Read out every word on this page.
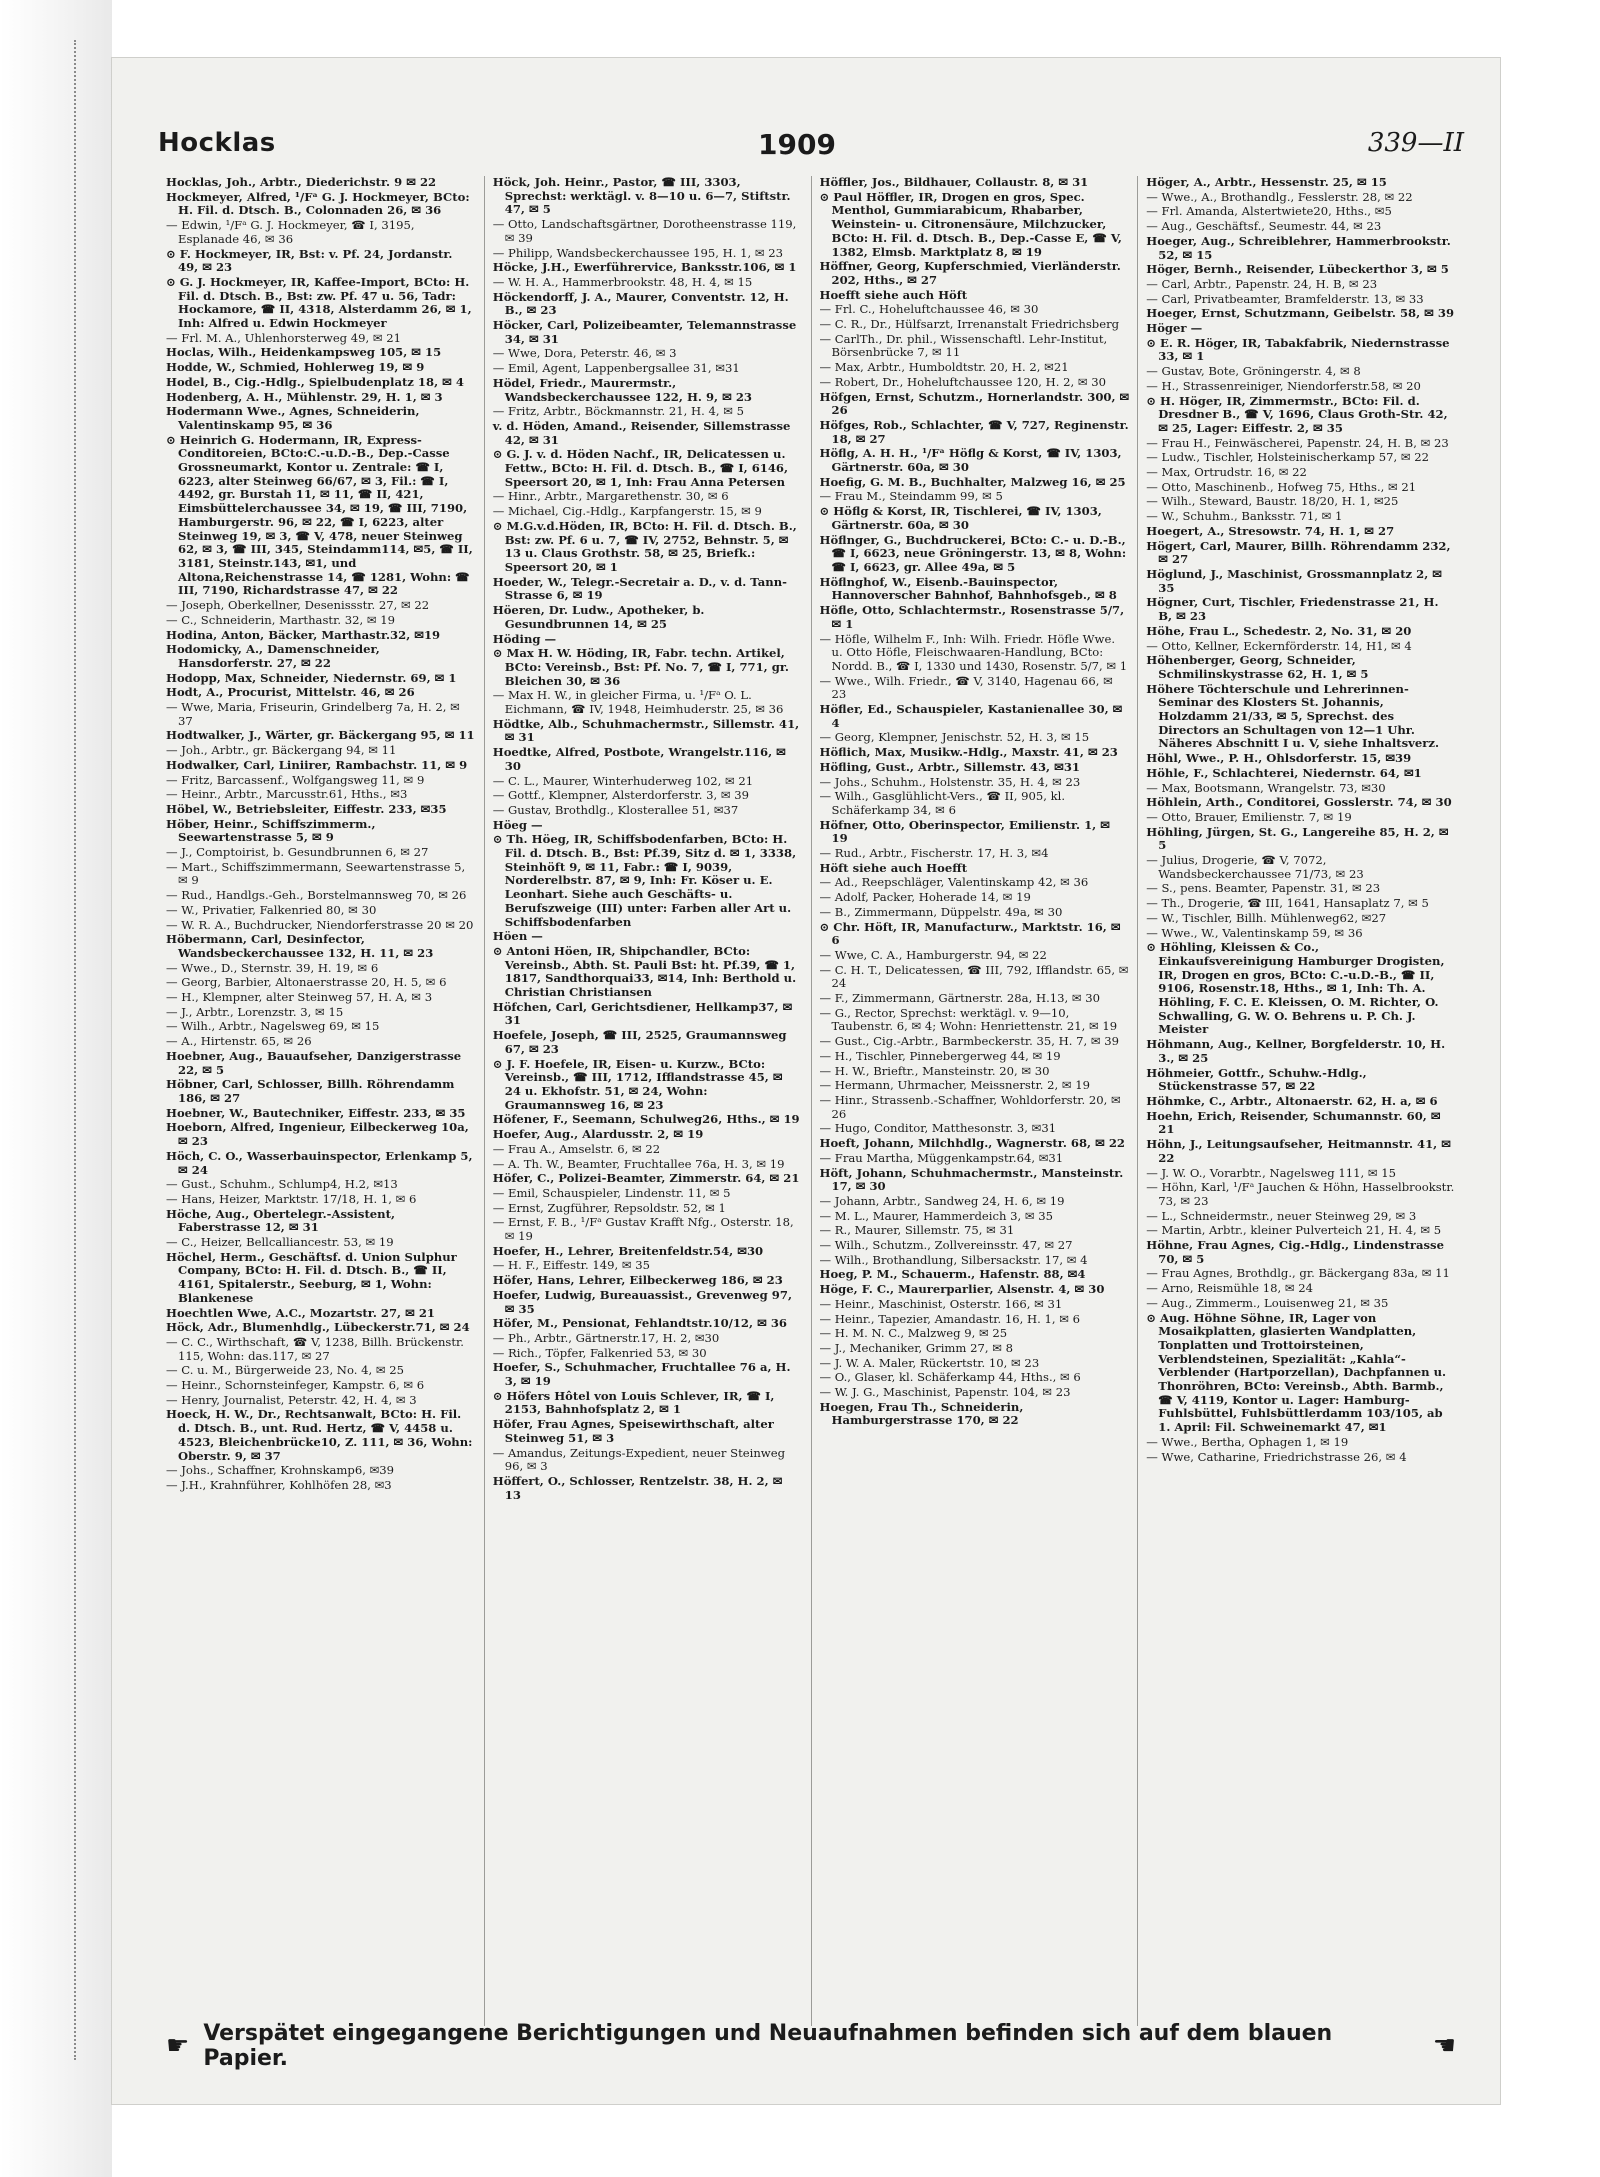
Hocklas	1909	339—II
Hocklas, Joh., Arbtr., Diederichstr. 9 ✉ 22
Hockmeyer, Alfred, ¹/Fᵃ G. J. Hockmeyer, BCto: H. Fil. d. Dtsch. B., Colonnaden 26, ✉ 36
— Edwin, ¹/Fᵃ G. J. Hockmeyer, ☎ I, 3195, Esplanade 46, ✉ 36
⊙ F. Hockmeyer, IR, Bst: v. Pf. 24, Jordanstr. 49, ✉ 23
⊙ G. J. Hockmeyer, IR, Kaffee-Import, BCto: H. Fil. d. Dtsch. B., Bst: zw. Pf. 47 u. 56, Tadr: Hockamore, ☎ II, 4318, Alsterdamm 26, ✉ 1, Inh: Alfred u. Edwin Hockmeyer
— Frl. M. A., Uhlenhorsterweg 49, ✉ 21
Hoclas, Wilh., Heidenkampsweg 105, ✉ 15
Hodde, W., Schmied, Hohlerweg 19, ✉ 9
Hodel, B., Cig.-Hdlg., Spielbudenplatz 18, ✉ 4
Hodenberg, A. H., Mühlenstr. 29, H. 1, ✉ 3
Hodermann Wwe., Agnes, Schneiderin, Valentinskamp 95, ✉ 36
⊙ Heinrich G. Hodermann, IR, Express-Conditoreien, BCto:C.-u.D.-B., Dep.-Casse Grossneumarkt, Kontor u. Zentrale: ☎ I, 6223, alter Steinweg 66/67, ✉ 3, Fil.: ☎ I, 4492, gr. Burstah 11, ✉ 11, ☎ II, 421, Eimsbüttelerchaussee 34, ✉ 19, ☎ III, 7190, Hamburgerstr. 96, ✉ 22, ☎ I, 6223, alter Steinweg 19, ✉ 3, ☎ V, 478, neuer Steinweg 62, ✉ 3, ☎ III, 345, Steindamm114, ✉5, ☎ II, 3181, Steinstr.143, ✉1, und Altona,Reichenstrasse 14, ☎ 1281, Wohn: ☎ III, 7190, Richardstrasse 47, ✉ 22
— Joseph, Oberkellner, Desenissstr. 27, ✉ 22
— C., Schneiderin, Marthastr. 32, ✉ 19
Hodina, Anton, Bäcker, Marthastr.32, ✉19
Hodomicky, A., Damenschneider, Hansdorferstr. 27, ✉ 22
Hodopp, Max, Schneider, Niedernstr. 69, ✉ 1
Hodt, A., Procurist, Mittelstr. 46, ✉ 26
— Wwe, Maria, Friseurin, Grindelberg 7a, H. 2, ✉ 37
Hodtwalker, J., Wärter, gr. Bäckergang 95, ✉ 11
— Joh., Arbtr., gr. Bäckergang 94, ✉ 11
Hodwalker, Carl, Liniirer, Rambachstr. 11, ✉ 9
— Fritz, Barcassenf., Wolfgangsweg 11, ✉ 9
— Heinr., Arbtr., Marcusstr.61, Hths., ✉3
Höbel, W., Betriebsleiter, Eiffestr. 233, ✉35
Höber, Heinr., Schiffszimmerm., Seewartenstrasse 5, ✉ 9
— J., Comptoirist, b. Gesundbrunnen 6, ✉ 27
— Mart., Schiffszimmermann, Seewartenstrasse 5, ✉ 9
— Rud., Handlgs.-Geh., Borstelmannsweg 70, ✉ 26
— W., Privatier, Falkenried 80, ✉ 30
— W. R. A., Buchdrucker, Niendorferstrasse 20 ✉ 20
Höbermann, Carl, Desinfector, Wandsbeckerchaussee 132, H. 11, ✉ 23
— Wwe., D., Sternstr. 39, H. 19, ✉ 6
— Georg, Barbier, Altonaerstrasse 20, H. 5, ✉ 6
— H., Klempner, alter Steinweg 57, H. A, ✉ 3
— J., Arbtr., Lorenzstr. 3, ✉ 15
— Wilh., Arbtr., Nagelsweg 69, ✉ 15
— A., Hirtenstr. 65, ✉ 26
Hoebner, Aug., Bauaufseher, Danzigerstrasse 22, ✉ 5
Höbner, Carl, Schlosser, Billh. Röhrendamm 186, ✉ 27
Hoebner, W., Bautechniker, Eiffestr. 233, ✉ 35
Hoeborn, Alfred, Ingenieur, Eilbeckerweg 10a, ✉ 23
Höch, C. O., Wasserbauinspector, Erlenkamp 5, ✉ 24
— Gust., Schuhm., Schlump4, H.2, ✉13
— Hans, Heizer, Marktstr. 17/18, H. 1, ✉ 6
Höche, Aug., Obertelegr.-Assistent, Faberstrasse 12, ✉ 31
— C., Heizer, Bellcalliancestr. 53, ✉ 19
Höchel, Herm., Geschäftsf. d. Union Sulphur Company, BCto: H. Fil. d. Dtsch. B., ☎ II, 4161, Spitalerstr., Seeburg, ✉ 1, Wohn: Blankenese
Hoechtlen Wwe, A.C., Mozartstr. 27, ✉ 21
Höck, Adr., Blumenhdlg., Lübeckerstr.71, ✉ 24
— C. C., Wirthschaft, ☎ V, 1238, Billh. Brückenstr. 115, Wohn: das.117, ✉ 27
— C. u. M., Bürgerweide 23, No. 4, ✉ 25
— Heinr., Schornsteinfeger, Kampstr. 6, ✉ 6
— Henry, Journalist, Peterstr. 42, H. 4, ✉ 3
Hoeck, H. W., Dr., Rechtsanwalt, BCto: H. Fil. d. Dtsch. B., unt. Rud. Hertz, ☎ V, 4458 u. 4523, Bleichenbrücke10, Z. 111, ✉ 36, Wohn: Oberstr. 9, ✉ 37
— Johs., Schaffner, Krohnskamp6, ✉39
— J.H., Krahnführer, Kohlhöfen 28, ✉3
Höck, Joh. Heinr., Pastor, ☎ III, 3303, Sprechst: werktägl. v. 8—10 u. 6—7, Stiftstr. 47, ✉ 5
— Otto, Landschaftsgärtner, Dorotheenstrasse 119, ✉ 39
— Philipp, Wandsbeckerchaussee 195, H. 1, ✉ 23
Höcke, J.H., Ewerführervice, Banksstr.106, ✉ 1
— W. H. A., Hammerbrookstr. 48, H. 4, ✉ 15
Höckendorff, J. A., Maurer, Conventstr. 12, H. B., ✉ 23
Höcker, Carl, Polizeibeamter, Telemannstrasse 34, ✉ 31
— Wwe, Dora, Peterstr. 46, ✉ 3
— Emil, Agent, Lappenbergsallee 31, ✉31
Hödel, Friedr., Maurermstr., Wandsbeckerchaussee 122, H. 9, ✉ 23
— Fritz, Arbtr., Böckmannstr. 21, H. 4, ✉ 5
v. d. Höden, Amand., Reisender, Sillemstrasse 42, ✉ 31
⊙ G. J. v. d. Höden Nachf., IR, Delicatessen u. Fettw., BCto: H. Fil. d. Dtsch. B., ☎ I, 6146, Speersort 20, ✉ 1, Inh: Frau Anna Petersen
— Hinr., Arbtr., Margarethenstr. 30, ✉ 6
— Michael, Cig.-Hdlg., Karpfangerstr. 15, ✉ 9
⊙ M.G.v.d.Höden, IR, BCto: H. Fil. d. Dtsch. B., Bst: zw. Pf. 6 u. 7, ☎ IV, 2752, Behnstr. 5, ✉ 13 u. Claus Grothstr. 58, ✉ 25, Briefk.: Speersort 20, ✉ 1
Hoeder, W., Telegr.-Secretair a. D., v. d. Tann-Strasse 6, ✉ 19
Höeren, Dr. Ludw., Apotheker, b. Gesundbrunnen 14, ✉ 25
Höding —
⊙ Max H. W. Höding, IR, Fabr. techn. Artikel, BCto: Vereinsb., Bst: Pf. No. 7, ☎ I, 771, gr. Bleichen 30, ✉ 36
— Max H. W., in gleicher Firma, u. ¹/Fᵃ O. L. Eichmann, ☎ IV, 1948, Heimhuderstr. 25, ✉ 36
Hödtke, Alb., Schuhmachermstr., Sillemstr. 41, ✉ 31
Hoedtke, Alfred, Postbote, Wrangelstr.116, ✉ 30
— C. L., Maurer, Winterhuderweg 102, ✉ 21
— Gottf., Klempner, Alsterdorferstr. 3, ✉ 39
— Gustav, Brothdlg., Klosterallee 51, ✉37
Höeg —
⊙ Th. Höeg, IR, Schiffsbodenfarben, BCto: H. Fil. d. Dtsch. B., Bst: Pf.39, Sitz d. ✉ 1, 3338, Steinhöft 9, ✉ 11, Fabr.: ☎ I, 9039, Norderelbstr. 87, ✉ 9, Inh: Fr. Köser u. E. Leonhart. Siehe auch Geschäfts- u. Berufszweige (III) unter: Farben aller Art u. Schiffsbodenfarben
Höen —
⊙ Antoni Höen, IR, Shipchandler, BCto: Vereinsb., Abth. St. Pauli Bst: ht. Pf.39, ☎ 1, 1817, Sandthorquai33, ✉14, Inh: Berthold u. Christian Christiansen
Höfchen, Carl, Gerichtsdiener, Hellkamp37, ✉ 31
Hoefele, Joseph, ☎ III, 2525, Graumannsweg 67, ✉ 23
⊙ J. F. Hoefele, IR, Eisen- u. Kurzw., BCto: Vereinsb., ☎ III, 1712, Ifflandstrasse 45, ✉ 24 u. Ekhofstr. 51, ✉ 24, Wohn: Graumannsweg 16, ✉ 23
Höfener, F., Seemann, Schulweg26, Hths., ✉ 19
Hoefer, Aug., Alardusstr. 2, ✉ 19
— Frau A., Amselstr. 6, ✉ 22
— A. Th. W., Beamter, Fruchtallee 76a, H. 3, ✉ 19
Höfer, C., Polizei-Beamter, Zimmerstr. 64, ✉ 21
— Emil, Schauspieler, Lindenstr. 11, ✉ 5
— Ernst, Zugführer, Repsoldstr. 52, ✉ 1
— Ernst, F. B., ¹/Fᵃ Gustav Krafft Nfg., Osterstr. 18, ✉ 19
Hoefer, H., Lehrer, Breitenfeldstr.54, ✉30
— H. F., Eiffestr. 149, ✉ 35
Höfer, Hans, Lehrer, Eilbeckerweg 186, ✉ 23
Hoefer, Ludwig, Bureauassist., Grevenweg 97, ✉ 35
Höfer, M., Pensionat, Fehlandtstr.10/12, ✉ 36
— Ph., Arbtr., Gärtnerstr.17, H. 2, ✉30
— Rich., Töpfer, Falkenried 53, ✉ 30
Hoefer, S., Schuhmacher, Fruchtallee 76 a, H. 3, ✉ 19
⊙ Höfers Hôtel von Louis Schlever, IR, ☎ I, 2153, Bahnhofsplatz 2, ✉ 1
Höfer, Frau Agnes, Speisewirthschaft, alter Steinweg 51, ✉ 3
— Amandus, Zeitungs-Expedient, neuer Steinweg 96, ✉ 3
Höffert, O., Schlosser, Rentzelstr. 38, H. 2, ✉ 13
Höffler, Jos., Bildhauer, Collaustr. 8, ✉ 31
⊙ Paul Höffler, IR, Drogen en gros, Spec. Menthol, Gummiarabicum, Rhabarber, Weinstein- u. Citronensäure, Milchzucker, BCto: H. Fil. d. Dtsch. B., Dep.-Casse E, ☎ V, 1382, Elmsb. Marktplatz 8, ✉ 19
Höffner, Georg, Kupferschmied, Vierländerstr. 202, Hths., ✉ 27
Hoefft siehe auch Höft
— Frl. C., Hoheluftchaussee 46, ✉ 30
— C. R., Dr., Hülfsarzt, Irrenanstalt Friedrichsberg
— CarlTh., Dr. phil., Wissenschaftl. Lehr-Institut, Börsenbrücke 7, ✉ 11
— Max, Arbtr., Humboldtstr. 20, H. 2, ✉21
— Robert, Dr., Hoheluftchaussee 120, H. 2, ✉ 30
Höfgen, Ernst, Schutzm., Hornerlandstr. 300, ✉ 26
Höfges, Rob., Schlachter, ☎ V, 727, Reginenstr. 18, ✉ 27
Höflg, A. H. H., ¹/Fᵃ Höflg & Korst, ☎ IV, 1303, Gärtnerstr. 60a, ✉ 30
Hoefig, G. M. B., Buchhalter, Malzweg 16, ✉ 25
— Frau M., Steindamm 99, ✉ 5
⊙ Höflg & Korst, IR, Tischlerei, ☎ IV, 1303, Gärtnerstr. 60a, ✉ 30
Höflnger, G., Buchdruckerei, BCto: C.- u. D.-B., ☎ I, 6623, neue Gröningerstr. 13, ✉ 8, Wohn: ☎ I, 6623, gr. Allee 49a, ✉ 5
Höflnghof, W., Eisenb.-Bauinspector, Hannoverscher Bahnhof, Bahnhofsgeb., ✉ 8
Höfle, Otto, Schlachtermstr., Rosenstrasse 5/7, ✉ 1
— Höfle, Wilhelm F., Inh: Wilh. Friedr. Höfle Wwe. u. Otto Höfle, Fleischwaaren-Handlung, BCto: Nordd. B., ☎ I, 1330 und 1430, Rosenstr. 5/7, ✉ 1
— Wwe., Wilh. Friedr., ☎ V, 3140, Hagenau 66, ✉ 23
Höfler, Ed., Schauspieler, Kastanienallee 30, ✉ 4
— Georg, Klempner, Jenischstr. 52, H. 3, ✉ 15
Höflich, Max, Musikw.-Hdlg., Maxstr. 41, ✉ 23
Höfling, Gust., Arbtr., Sillemstr. 43, ✉31
— Johs., Schuhm., Holstenstr. 35, H. 4, ✉ 23
— Wilh., Gasglühlicht-Vers., ☎ II, 905, kl. Schäferkamp 34, ✉ 6
Höfner, Otto, Oberinspector, Emilienstr. 1, ✉ 19
— Rud., Arbtr., Fischerstr. 17, H. 3, ✉4
Höft siehe auch Hoefft
— Ad., Reepschläger, Valentinskamp 42, ✉ 36
— Adolf, Packer, Hoherade 14, ✉ 19
— B., Zimmermann, Düppelstr. 49a, ✉ 30
⊙ Chr. Höft, IR, Manufacturw., Marktstr. 16, ✉ 6
— Wwe, C. A., Hamburgerstr. 94, ✉ 22
— C. H. T., Delicatessen, ☎ III, 792, Ifflandstr. 65, ✉ 24
— F., Zimmermann, Gärtnerstr. 28a, H.13, ✉ 30
— G., Rector, Sprechst: werktägl. v. 9—10, Taubenstr. 6, ✉ 4; Wohn: Henriettenstr. 21, ✉ 19
— Gust., Cig.-Arbtr., Barmbeckerstr. 35, H. 7, ✉ 39
— H., Tischler, Pinnebergerweg 44, ✉ 19
— H. W., Brieftr., Mansteinstr. 20, ✉ 30
— Hermann, Uhrmacher, Meissnerstr. 2, ✉ 19
— Hinr., Strassenb.-Schaffner, Wohldorferstr. 20, ✉ 26
— Hugo, Conditor, Matthesonstr. 3, ✉31
Hoeft, Johann, Milchhdlg., Wagnerstr. 68, ✉ 22
— Frau Martha, Müggenkampstr.64, ✉31
Höft, Johann, Schuhmachermstr., Mansteinstr. 17, ✉ 30
— Johann, Arbtr., Sandweg 24, H. 6, ✉ 19
— M. L., Maurer, Hammerdeich 3, ✉ 35
— R., Maurer, Sillemstr. 75, ✉ 31
— Wilh., Schutzm., Zollvereinsstr. 47, ✉ 27
— Wilh., Brothandlung, Silbersackstr. 17, ✉ 4
Hoeg, P. M., Schauerm., Hafenstr. 88, ✉4
Höge, F. C., Maurerparlier, Alsenstr. 4, ✉ 30
— Heinr., Maschinist, Osterstr. 166, ✉ 31
— Heinr., Tapezier, Amandastr. 16, H. 1, ✉ 6
— H. M. N. C., Malzweg 9, ✉ 25
— J., Mechaniker, Grimm 27, ✉ 8
— J. W. A. Maler, Rückertstr. 10, ✉ 23
— O., Glaser, kl. Schäferkamp 44, Hths., ✉ 6
— W. J. G., Maschinist, Papenstr. 104, ✉ 23
Hoegen, Frau Th., Schneiderin, Hamburgerstrasse 170, ✉ 22
Höger, A., Arbtr., Hessenstr. 25, ✉ 15
— Wwe., A., Brothandlg., Fesslerstr. 28, ✉ 22
— Frl. Amanda, Alstertwiete20, Hths., ✉5
— Aug., Geschäftsf., Seumestr. 44, ✉ 23
Hoeger, Aug., Schreiblehrer, Hammerbrookstr. 52, ✉ 15
Höger, Bernh., Reisender, Lübeckerthor 3, ✉ 5
— Carl, Arbtr., Papenstr. 24, H. B, ✉ 23
— Carl, Privatbeamter, Bramfelderstr. 13, ✉ 33
Hoeger, Ernst, Schutzmann, Geibelstr. 58, ✉ 39
Höger —
⊙ E. R. Höger, IR, Tabakfabrik, Niedernstrasse 33, ✉ 1
— Gustav, Bote, Gröningerstr. 4, ✉ 8
— H., Strassenreiniger, Niendorferstr.58, ✉ 20
⊙ H. Höger, IR, Zimmermstr., BCto: Fil. d. Dresdner B., ☎ V, 1696, Claus Groth-Str. 42, ✉ 25, Lager: Eiffestr. 2, ✉ 35
— Frau H., Feinwäscherei, Papenstr. 24, H. B, ✉ 23
— Ludw., Tischler, Holsteinischerkamp 57, ✉ 22
— Max, Ortrudstr. 16, ✉ 22
— Otto, Maschinenb., Hofweg 75, Hths., ✉ 21
— Wilh., Steward, Baustr. 18/20, H. 1, ✉25
— W., Schuhm., Banksstr. 71, ✉ 1
Hoegert, A., Stresowstr. 74, H. 1, ✉ 27
Högert, Carl, Maurer, Billh. Röhrendamm 232, ✉ 27
Höglund, J., Maschinist, Grossmannplatz 2, ✉ 35
Högner, Curt, Tischler, Friedenstrasse 21, H. B, ✉ 23
Höhe, Frau L., Schedestr. 2, No. 31, ✉ 20
— Otto, Kellner, Eckernförderstr. 14, H1, ✉ 4
Höhenberger, Georg, Schneider, Schmilinskystrasse 62, H. 1, ✉ 5
Höhere Töchterschule und Lehrerinnen-Seminar des Klosters St. Johannis, Holzdamm 21/33, ✉ 5, Sprechst. des Directors an Schultagen von 12—1 Uhr. Näheres Abschnitt I u. V, siehe Inhaltsverz.
Höhl, Wwe., P. H., Ohlsdorferstr. 15, ✉39
Höhle, F., Schlachterei, Niedernstr. 64, ✉1
— Max, Bootsmann, Wrangelstr. 73, ✉30
Höhlein, Arth., Conditorei, Gosslerstr. 74, ✉ 30
— Otto, Brauer, Emilienstr. 7, ✉ 19
Höhling, Jürgen, St. G., Langereihe 85, H. 2, ✉ 5
— Julius, Drogerie, ☎ V, 7072, Wandsbeckerchaussee 71/73, ✉ 23
— S., pens. Beamter, Papenstr. 31, ✉ 23
— Th., Drogerie, ☎ III, 1641, Hansaplatz 7, ✉ 5
— W., Tischler, Billh. Mühlenweg62, ✉27
— Wwe., W., Valentinskamp 59, ✉ 36
⊙ Höhling, Kleissen & Co., Einkaufsvereinigung Hamburger Drogisten, IR, Drogen en gros, BCto: C.-u.D.-B., ☎ II, 9106, Rosenstr.18, Hths., ✉ 1, Inh: Th. A. Höhling, F. C. E. Kleissen, O. M. Richter, O. Schwalling, G. W. O. Behrens u. P. Ch. J. Meister
Höhmann, Aug., Kellner, Borgfelderstr. 10, H. 3., ✉ 25
Höhmeier, Gottfr., Schuhw.-Hdlg., Stückenstrasse 57, ✉ 22
Höhmke, C., Arbtr., Altonaerstr. 62, H. a, ✉ 6
Hoehn, Erich, Reisender, Schumannstr. 60, ✉ 21
Höhn, J., Leitungsaufseher, Heitmannstr. 41, ✉ 22
— J. W. O., Vorarbtr., Nagelsweg 111, ✉ 15
— Höhn, Karl, ¹/Fᵃ Jauchen & Höhn, Hasselbrookstr. 73, ✉ 23
— L., Schneidermstr., neuer Steinweg 29, ✉ 3
— Martin, Arbtr., kleiner Pulverteich 21, H. 4, ✉ 5
Höhne, Frau Agnes, Cig.-Hdlg., Lindenstrasse 70, ✉ 5
— Frau Agnes, Brothdlg., gr. Bäckergang 83a, ✉ 11
— Arno, Reismühle 18, ✉ 24
— Aug., Zimmerm., Louisenweg 21, ✉ 35
⊙ Aug. Höhne Söhne, IR, Lager von Mosaikplatten, glasierten Wandplatten, Tonplatten und Trottoirsteinen, Verblendsteinen, Spezialität: „Kahla“-Verblender (Hartporzellan), Dachpfannen u. Thonröhren, BCto: Vereinsb., Abth. Barmb., ☎ V, 4119, Kontor u. Lager: Hamburg-Fuhlsbüttel, Fuhlsbüttlerdamm 103/105, ab 1. April: Fil. Schweinemarkt 47, ✉1
— Wwe., Bertha, Ophagen 1, ✉ 19
— Wwe, Catharine, Friedrichstrasse 26, ✉ 4
☛ Verspätet eingegangene Berichtigungen und Neuaufnahmen befinden sich auf dem blauen Papier.	☚
